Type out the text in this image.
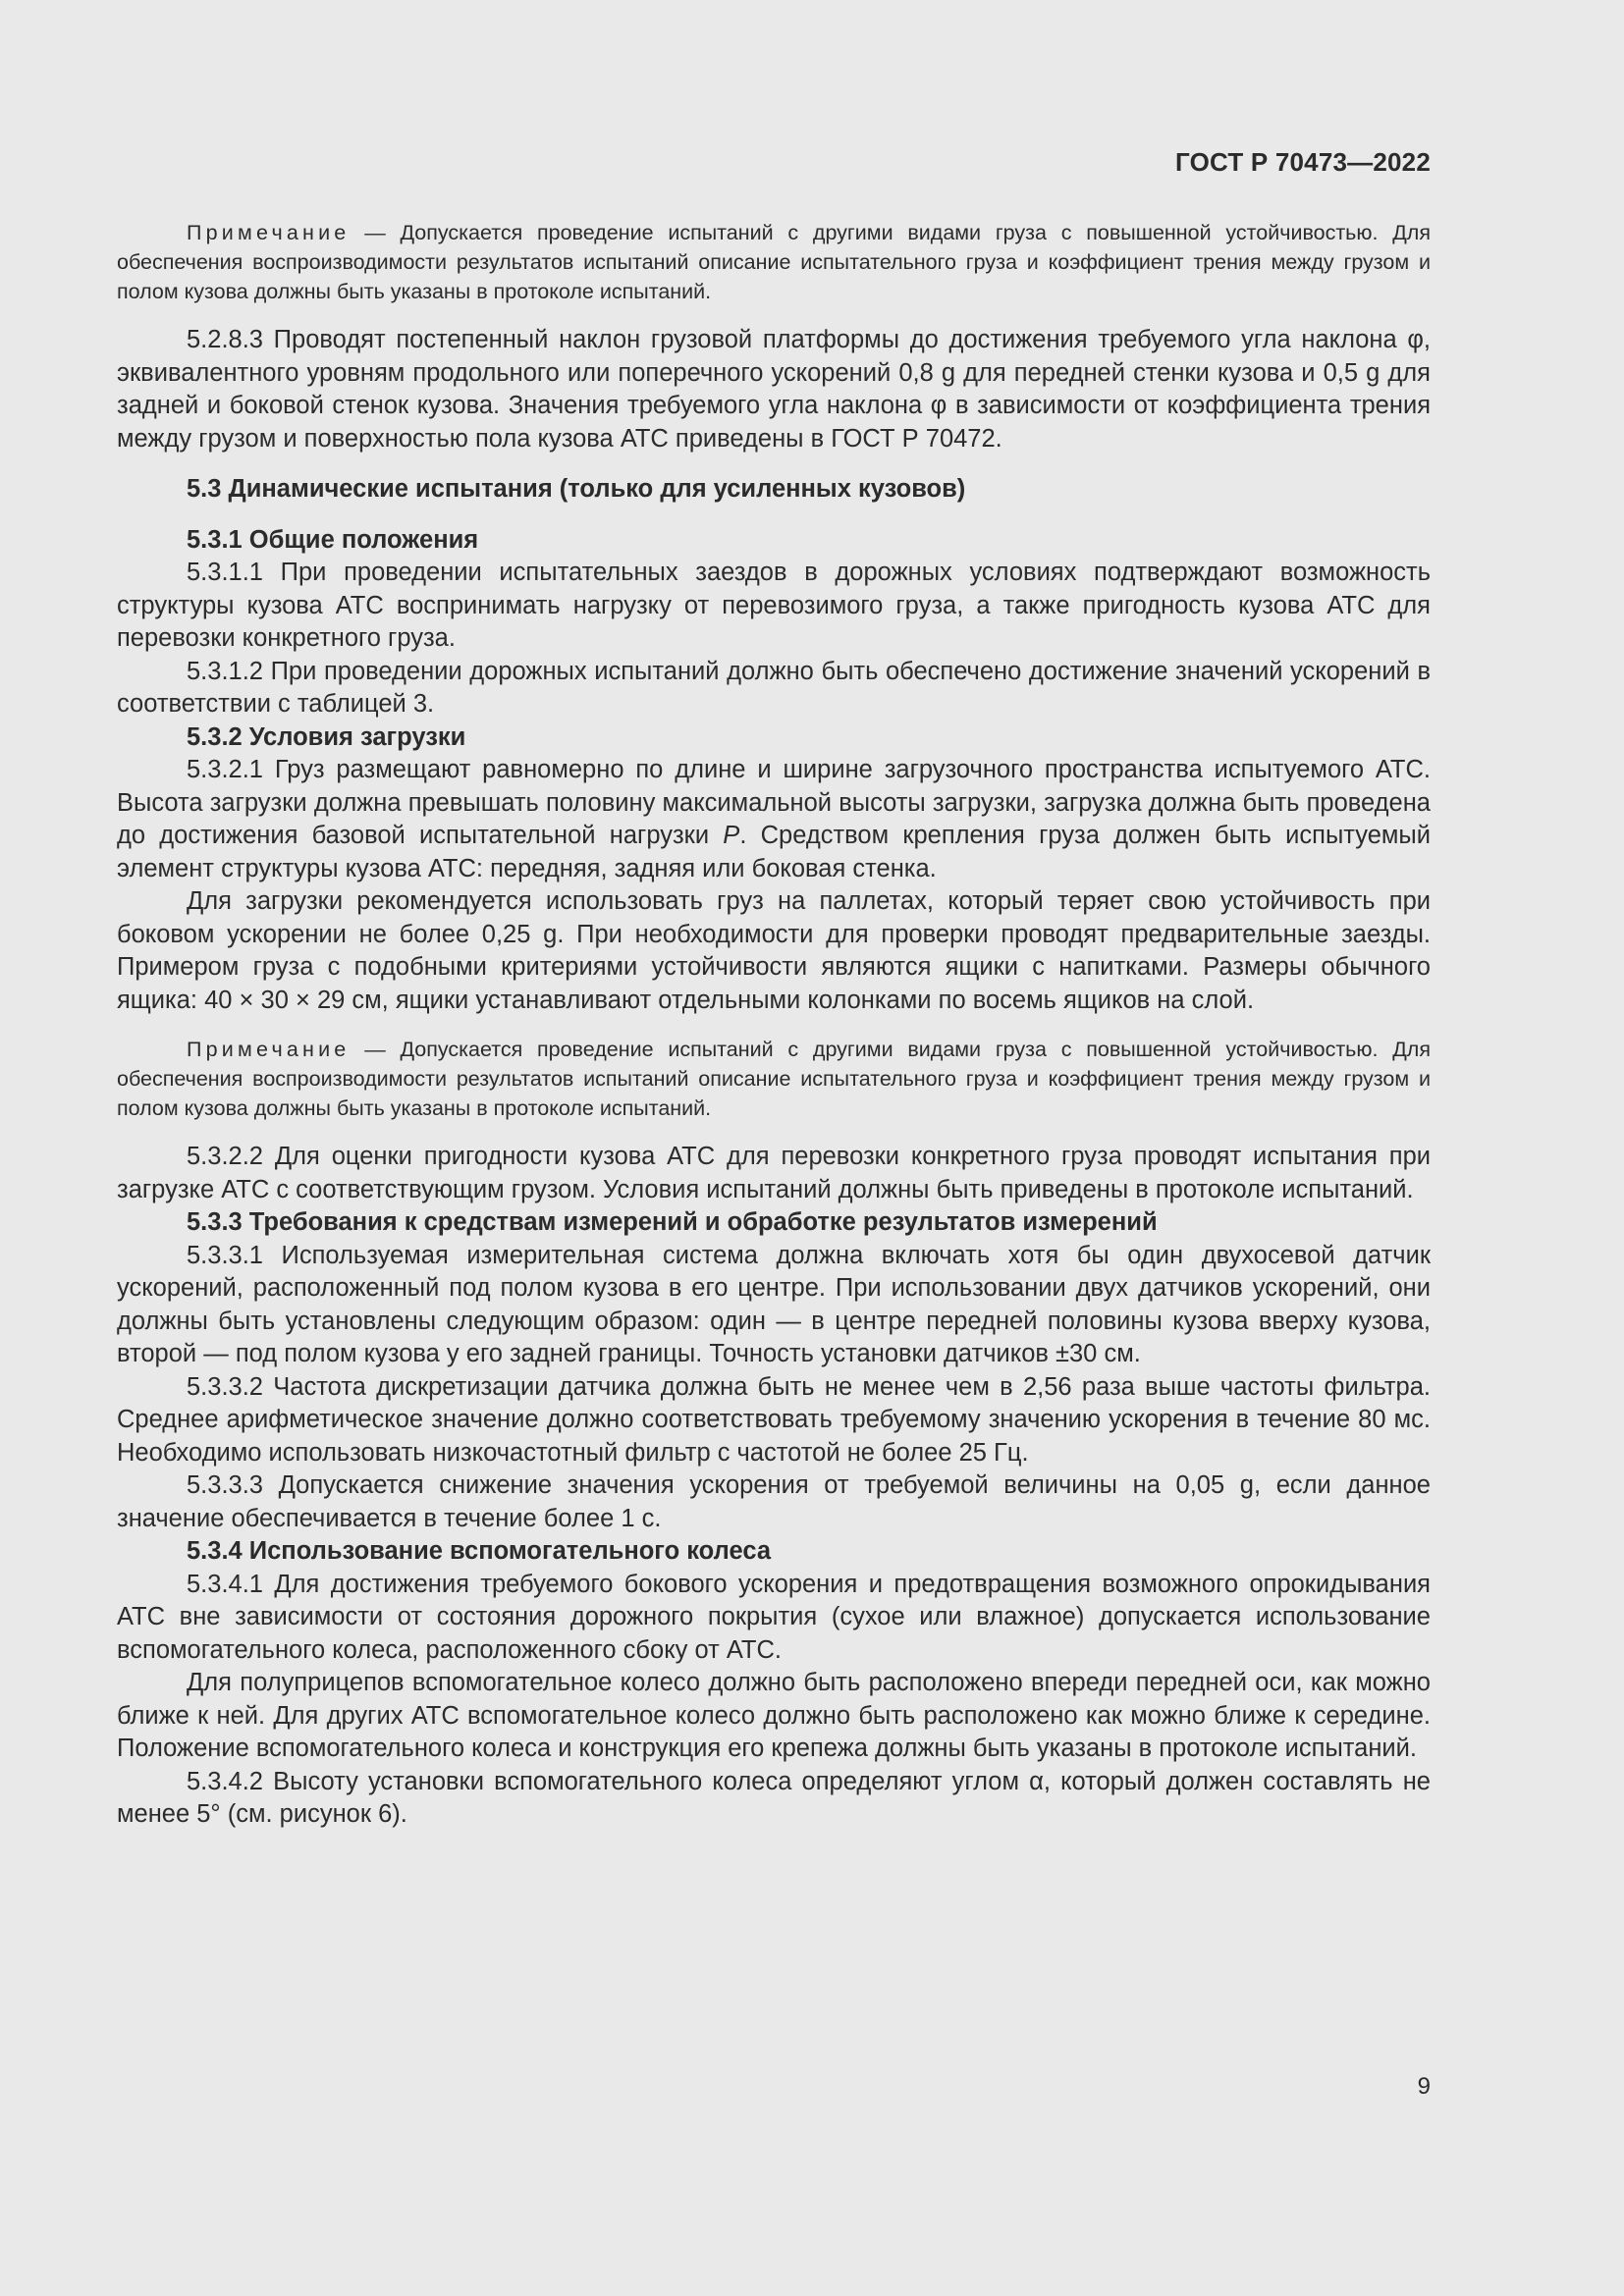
ГОСТ Р 70473—2022

Примечание — Допускается проведение испытаний с другими видами груза с повышенной устойчивостью. Для обеспечения воспроизводимости результатов испытаний описание испытательного груза и коэффициент трения между грузом и полом кузова должны быть указаны в протоколе испытаний.

5.2.8.3 Проводят постепенный наклон грузовой платформы до достижения требуемого угла наклона φ, эквивалентного уровням продольного или поперечного ускорений 0,8 g для передней стенки кузова и 0,5 g для задней и боковой стенок кузова. Значения требуемого угла наклона φ в зависимости от коэффициента трения между грузом и поверхностью пола кузова АТС приведены в ГОСТ Р 70472.

5.3 Динамические испытания (только для усиленных кузовов)

5.3.1 Общие положения

5.3.1.1 При проведении испытательных заездов в дорожных условиях подтверждают возможность структуры кузова АТС воспринимать нагрузку от перевозимого груза, а также пригодность кузова АТС для перевозки конкретного груза.

5.3.1.2 При проведении дорожных испытаний должно быть обеспечено достижение значений ускорений в соответствии с таблицей 3.

5.3.2 Условия загрузки

5.3.2.1 Груз размещают равномерно по длине и ширине загрузочного пространства испытуемого АТС. Высота загрузки должна превышать половину максимальной высоты загрузки, загрузка должна быть проведена до достижения базовой испытательной нагрузки P. Средством крепления груза должен быть испытуемый элемент структуры кузова АТС: передняя, задняя или боковая стенка.

Для загрузки рекомендуется использовать груз на паллетах, который теряет свою устойчивость при боковом ускорении не более 0,25 g. При необходимости для проверки проводят предварительные заезды. Примером груза с подобными критериями устойчивости являются ящики с напитками. Размеры обычного ящика: 40 × 30 × 29 см, ящики устанавливают отдельными колонками по восемь ящиков на слой.

Примечание — Допускается проведение испытаний с другими видами груза с повышенной устойчивостью. Для обеспечения воспроизводимости результатов испытаний описание испытательного груза и коэффициент трения между грузом и полом кузова должны быть указаны в протоколе испытаний.

5.3.2.2 Для оценки пригодности кузова АТС для перевозки конкретного груза проводят испытания при загрузке АТС с соответствующим грузом. Условия испытаний должны быть приведены в протоколе испытаний.

5.3.3 Требования к средствам измерений и обработке результатов измерений

5.3.3.1 Используемая измерительная система должна включать хотя бы один двухосевой датчик ускорений, расположенный под полом кузова в его центре. При использовании двух датчиков ускорений, они должны быть установлены следующим образом: один — в центре передней половины кузова вверху кузова, второй — под полом кузова у его задней границы. Точность установки датчиков ±30 см.

5.3.3.2 Частота дискретизации датчика должна быть не менее чем в 2,56 раза выше частоты фильтра. Среднее арифметическое значение должно соответствовать требуемому значению ускорения в течение 80 мс. Необходимо использовать низкочастотный фильтр с частотой не более 25 Гц.

5.3.3.3 Допускается снижение значения ускорения от требуемой величины на 0,05 g, если данное значение обеспечивается в течение более 1 с.

5.3.4 Использование вспомогательного колеса

5.3.4.1 Для достижения требуемого бокового ускорения и предотвращения возможного опрокидывания АТС вне зависимости от состояния дорожного покрытия (сухое или влажное) допускается использование вспомогательного колеса, расположенного сбоку от АТС.

Для полуприцепов вспомогательное колесо должно быть расположено впереди передней оси, как можно ближе к ней. Для других АТС вспомогательное колесо должно быть расположено как можно ближе к середине. Положение вспомогательного колеса и конструкция его крепежа должны быть указаны в протоколе испытаний.

5.3.4.2 Высоту установки вспомогательного колеса определяют углом α, который должен составлять не менее 5° (см. рисунок 6).

9
